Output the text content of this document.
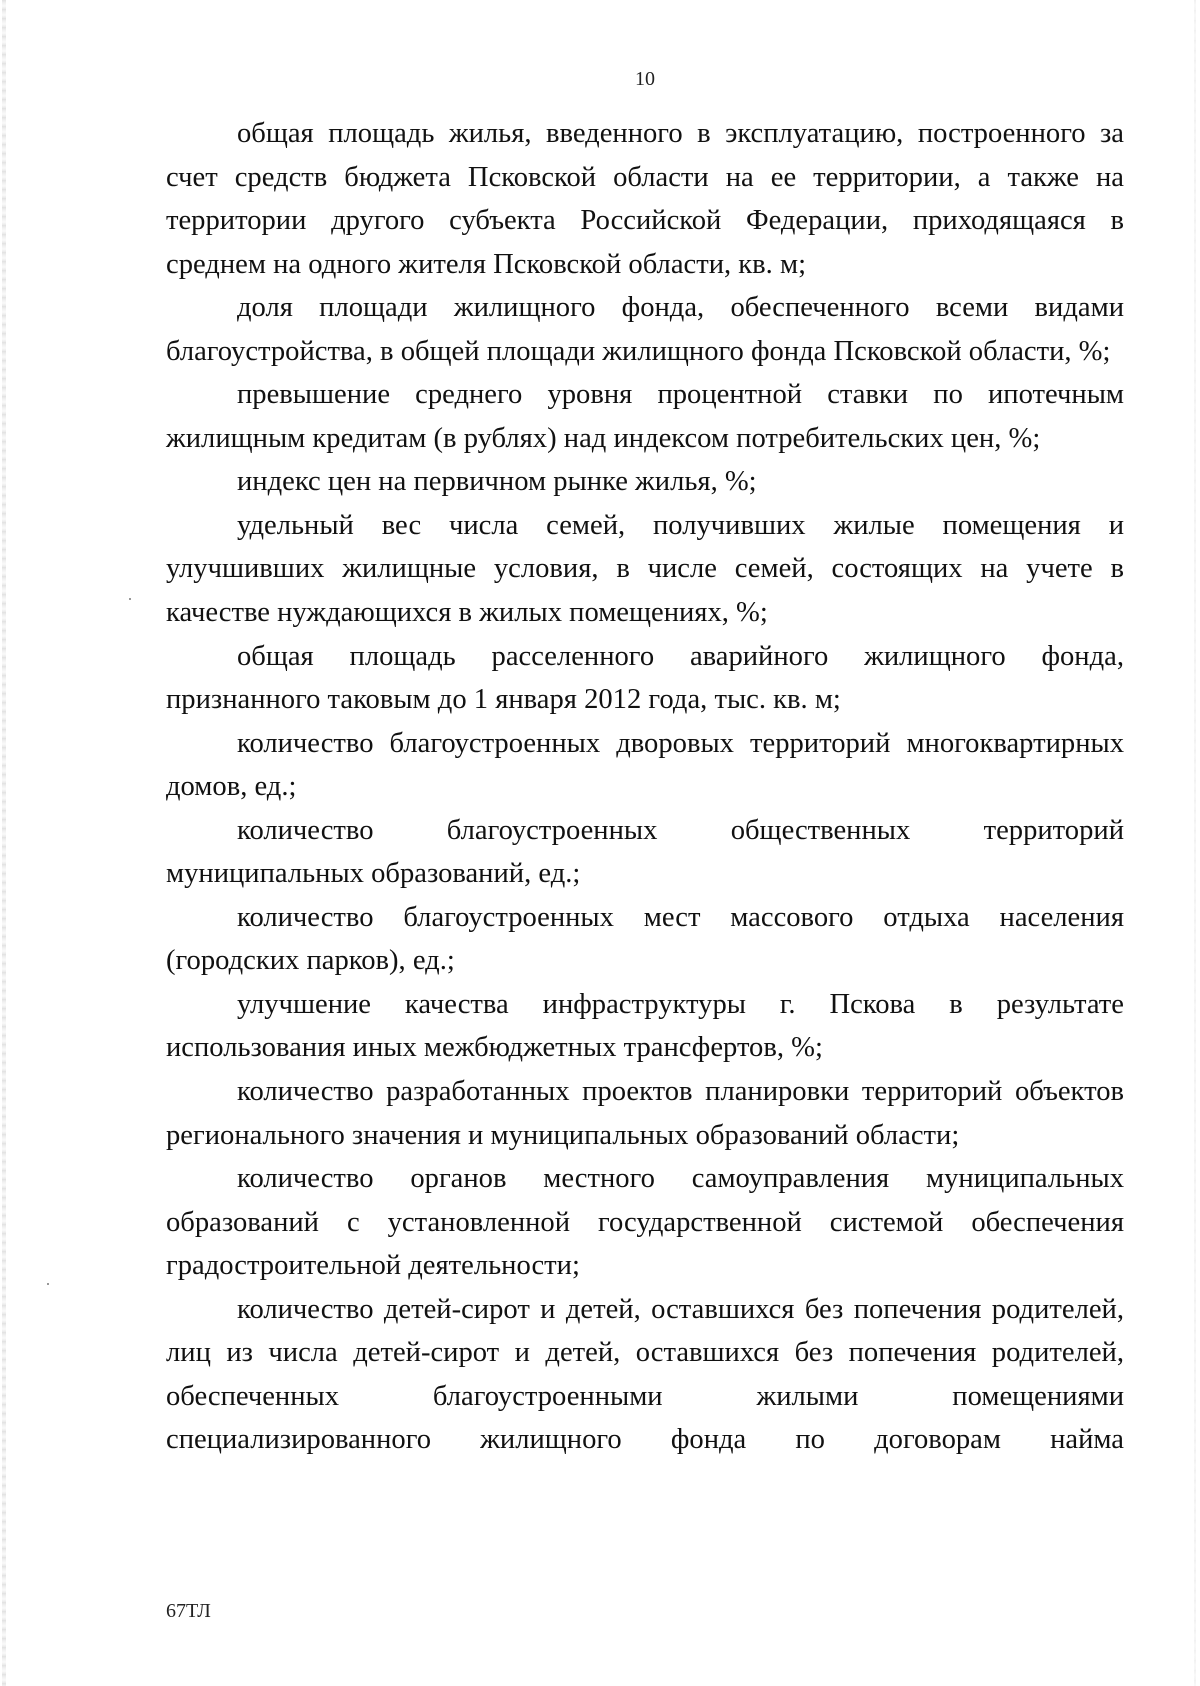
10

общая площадь жилья, введенного в эксплуатацию, построенного за счет средств бюджета Псковской области на ее территории, а также на территории другого субъекта Российской Федерации, приходящаяся в среднем на одного жителя Псковской области, кв. м;

доля площади жилищного фонда, обеспеченного всеми видами благоустройства, в общей площади жилищного фонда Псковской области, %;

превышение среднего уровня процентной ставки по ипотечным жилищным кредитам (в рублях) над индексом потребительских цен, %;

индекс цен на первичном рынке жилья, %;

удельный вес числа семей, получивших жилые помещения и улучшивших жилищные условия, в числе семей, состоящих на учете в качестве нуждающихся в жилых помещениях, %;

общая площадь расселенного аварийного жилищного фонда, признанного таковым до 1 января 2012 года, тыс. кв. м;

количество благоустроенных дворовых территорий многоквартирных домов, ед.;

количество благоустроенных общественных территорий муниципальных образований, ед.;

количество благоустроенных мест массового отдыха населения (городских парков), ед.;

улучшение качества инфраструктуры г. Пскова в результате использования иных межбюджетных трансфертов, %;

количество разработанных проектов планировки территорий объектов регионального значения и муниципальных образований области;

количество органов местного самоуправления муниципальных образований с установленной государственной системой обеспечения градостроительной деятельности;

количество детей-сирот и детей, оставшихся без попечения родителей, лиц из числа детей-сирот и детей, оставшихся без попечения родителей, обеспеченных благоустроенными жилыми помещениями специализированного жилищного фонда по договорам найма

67ТЛ
